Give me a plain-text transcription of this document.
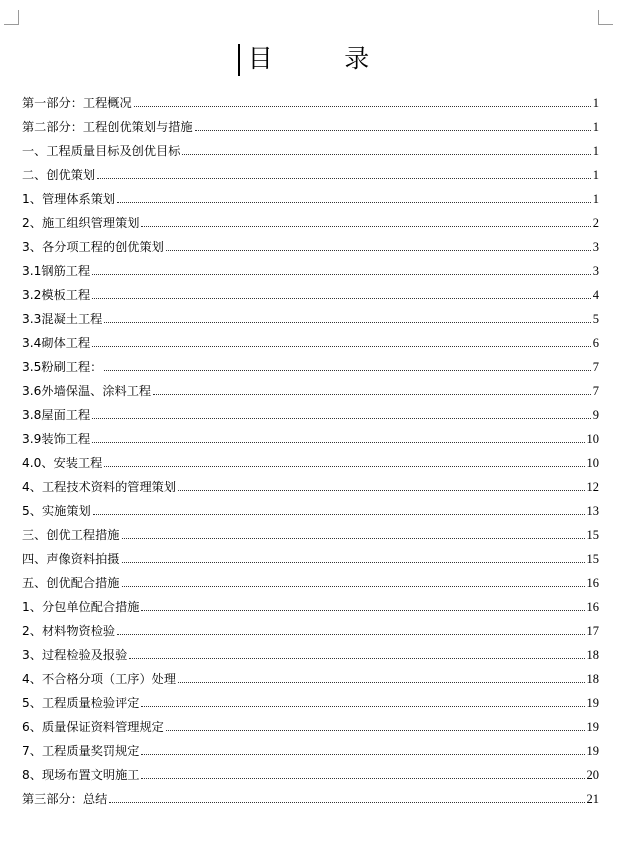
目         录
第一部分：工程概况	1
第二部分：工程创优策划与措施	1
一、工程质量目标及创优目标	1
二、创优策划	1
1、管理体系策划	1
2、施工组织管理策划	2
3、各分项工程的创优策划	3
3.1钢筋工程	3
3.2模板工程	4
3.3混凝土工程	5
3.4砌体工程	6
3.5粉刷工程：	7
3.6外墙保温、涂料工程	7
3.8屋面工程	9
3.9装饰工程	10
4.0、安装工程	10
4、工程技术资料的管理策划	12
5、实施策划	13
三、创优工程措施	15
四、声像资料拍摄	15
五、创优配合措施	16
1、分包单位配合措施	16
2、材料物资检验	17
3、过程检验及报验	18
4、不合格分项（工序）处理	18
5、工程质量检验评定	19
6、质量保证资料管理规定	19
7、工程质量奖罚规定	19
8、现场布置文明施工	20
第三部分：总结	21
